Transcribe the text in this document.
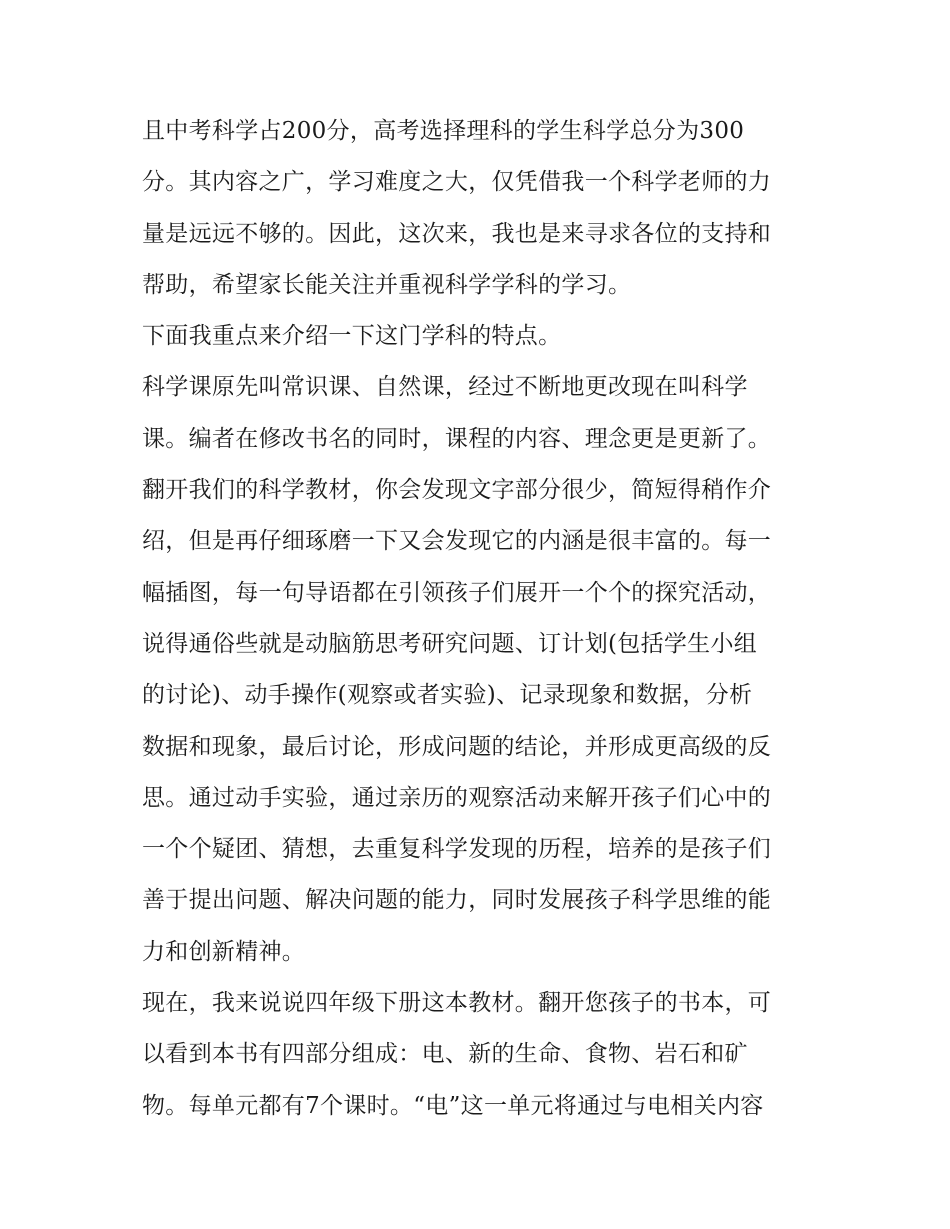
且中考科学占200分，高考选择理科的学生科学总分为300
分。其内容之广，学习难度之大，仅凭借我一个科学老师的力
量是远远不够的。因此，这次来，我也是来寻求各位的支持和
帮助，希望家长能关注并重视科学学科的学习。
下面我重点来介绍一下这门学科的特点。
科学课原先叫常识课、自然课，经过不断地更改现在叫科学
课。编者在修改书名的同时，课程的内容、理念更是更新了。
翻开我们的科学教材，你会发现文字部分很少，简短得稍作介
绍，但是再仔细琢磨一下又会发现它的内涵是很丰富的。每一
幅插图，每一句导语都在引领孩子们展开一个个的探究活动，
说得通俗些就是动脑筋思考研究问题、订计划(包括学生小组
的讨论)、动手操作(观察或者实验)、记录现象和数据，分析
数据和现象，最后讨论，形成问题的结论，并形成更高级的反
思。通过动手实验，通过亲历的观察活动来解开孩子们心中的
一个个疑团、猜想，去重复科学发现的历程，培养的是孩子们
善于提出问题、解决问题的能力，同时发展孩子科学思维的能
力和创新精神。
现在，我来说说四年级下册这本教材。翻开您孩子的书本，可
以看到本书有四部分组成：电、新的生命、食物、岩石和矿
物。每单元都有7个课时。“电”这一单元将通过与电相关内容
